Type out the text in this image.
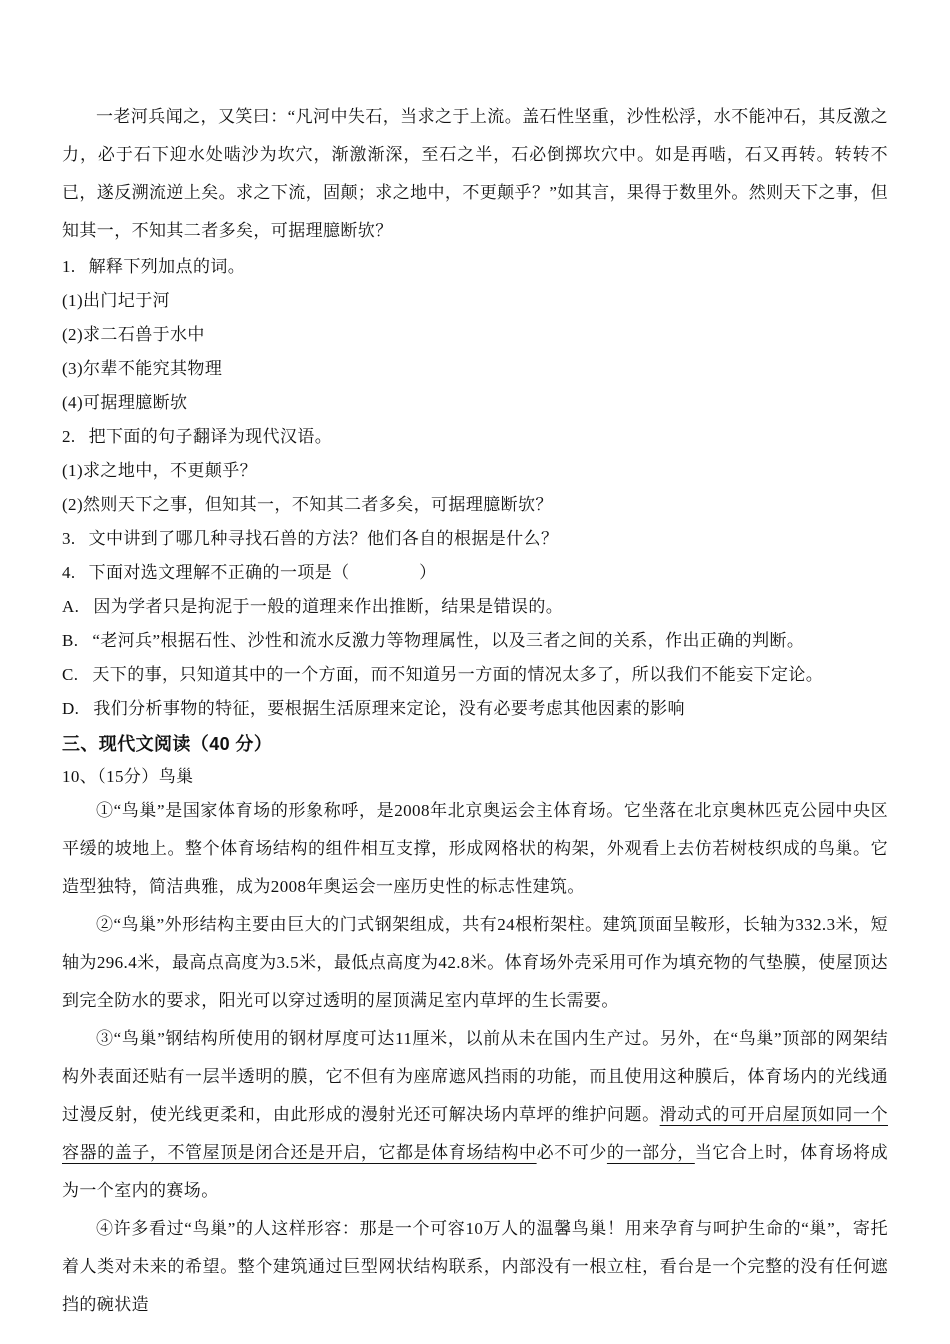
一老河兵闻之，又笑曰：“凡河中失石，当求之于上流。盖石性坚重，沙性松浮，水不能冲石，其反激之力，必于石下迎水处啮沙为坎穴，渐激渐深，至石之半，石必倒掷坎穴中。如是再啮，石又再转。转转不已，遂反溯流逆上矣。求之下流，固颠；求之地中，不更颠乎？”如其言，果得于数里外。然则天下之事，但知其一，不知其二者多矣，可据理臆断欤？

1. 解释下列加点的词。
(1)出门圮于河
(2)求二石兽于水中
(3)尔辈不能究其物理
(4)可据理臆断欤
2. 把下面的句子翻译为现代汉语。
(1)求之地中，不更颠乎？
(2)然则天下之事，但知其一，不知其二者多矣，可据理臆断欤？
3. 文中讲到了哪几种寻找石兽的方法？他们各自的根据是什么？
4. 下面对选文理解不正确的一项是（　　　　）
A. 因为学者只是拘泥于一般的道理来作出推断，结果是错误的。
B. “老河兵”根据石性、沙性和流水反激力等物理属性，以及三者之间的关系，作出正确的判断。
C. 天下的事，只知道其中的一个方面，而不知道另一方面的情况太多了，所以我们不能妄下定论。
D. 我们分析事物的特征，要根据生活原理来定论，没有必要考虑其他因素的影响
三、现代文阅读（40 分）
10、（15分）鸟巢

①“鸟巢”是国家体育场的形象称呼，是2008年北京奥运会主体育场。它坐落在北京奥林匹克公园中央区平缓的坡地上。整个体育场结构的组件相互支撑，形成网格状的构架，外观看上去仿若树枝织成的鸟巢。它造型独特，简洁典雅，成为2008年奥运会一座历史性的标志性建筑。

②“鸟巢”外形结构主要由巨大的门式钢架组成，共有24根桁架柱。建筑顶面呈鞍形，长轴为332.3米，短轴为296.4米，最高点高度为3.5米，最低点高度为42.8米。体育场外壳采用可作为填充物的气垫膜，使屋顶达到完全防水的要求，阳光可以穿过透明的屋顶满足室内草坪的生长需要。

③“鸟巢”钢结构所使用的钢材厚度可达11厘米，以前从未在国内生产过。另外，在“鸟巢”顶部的网架结构外表面还贴有一层半透明的膜，它不但有为座席遮风挡雨的功能，而且使用这种膜后，体育场内的光线通过漫反射，使光线更柔和，由此形成的漫射光还可解决场内草坪的维护问题。滑动式的可开启屋顶如同一个容器的盖子，不管屋顶是闭合还是开启，它都是体育场结构中必不可少的一部分，当它合上时，体育场将成为一个室内的赛场。

④许多看过“鸟巢”的人这样形容：那是一个可容10万人的温馨鸟巢！用来孕育与呵护生命的“巢”，寄托着人类对未来的希望。整个建筑通过巨型网状结构联系，内部没有一根立柱，看台是一个完整的没有任何遮挡的碗状造
